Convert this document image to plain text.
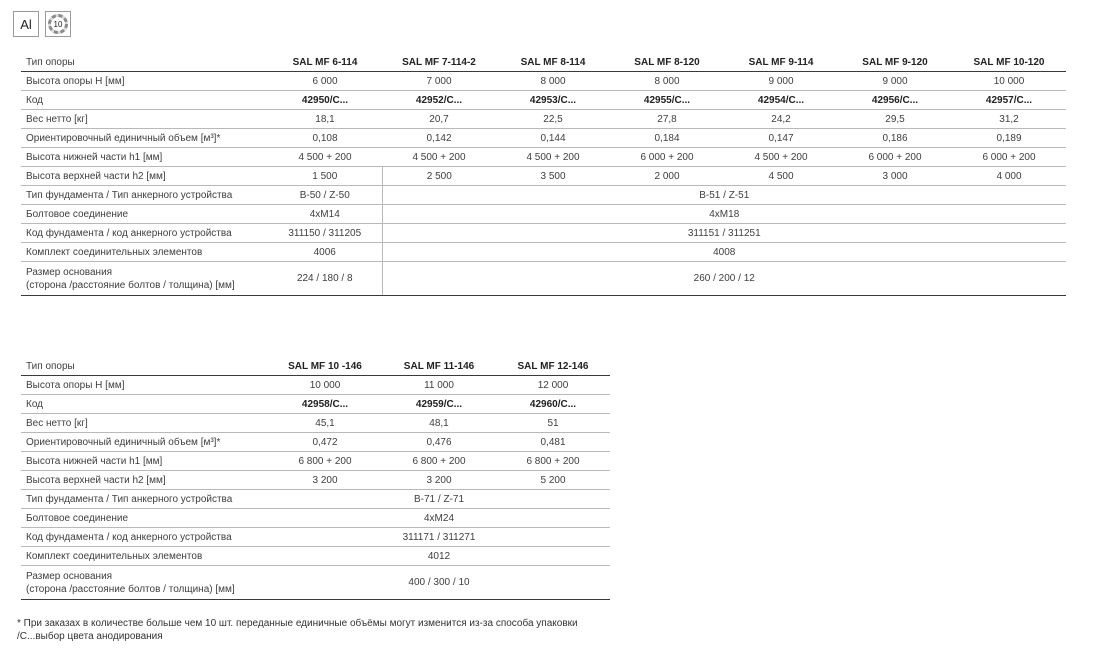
Al	10
Тип опоры	SAL MF 6-114	SAL MF 7-114-2	SAL MF 8-114	SAL MF 8-120	SAL MF 9-114	SAL MF 9-120	SAL MF 10-120
Высота опоры H [мм]	6 000	7 000	8 000	8 000	9 000	9 000	10 000
Код	42950/C...	42952/C...	42953/C...	42955/C...	42954/C...	42956/C...	42957/C...
Вес нетто [кг]	18,1	20,7	22,5	27,8	24,2	29,5	31,2
Ориентировочный единичный объем [м³]*	0,108	0,142	0,144	0,184	0,147	0,186	0,189
Высота нижней части h1 [мм]	4 500 + 200	4 500 + 200	4 500 + 200	6 000 + 200	4 500 + 200	6 000 + 200	6 000 + 200
Высота верхней части h2 [мм]	1 500	2 500	3 500	2 000	4 500	3 000	4 000
Тип фундамента / Тип анкерного устройства	B-50 / Z-50	B-51 / Z-51					
Болтовое соединение	4xM14	4xM18					
Код фундамента / код анкерного устройства	311150 / 311205	311151 / 311251					
Комплект соединительных элементов	4006	4008					

Размер основания
(сторона /расстояние болтов / толщина) [мм]	224 / 180 / 8	260 / 200 / 12					
Тип опоры	SAL MF 10 -146	SAL MF 11-146	SAL MF 12-146
Высота опоры H [мм]	10 000	11 000	12 000
Код	42958/C...	42959/C...	42960/C...
Вес нетто [кг]	45,1	48,1	51
Ориентировочный единичный объем [м³]*	0,472	0,476	0,481
Высота нижней части h1 [мм]	6 800 + 200	6 800 + 200	6 800 + 200
Высота верхней части h2 [мм]	3 200	3 200	5 200
Тип фундамента / Тип анкерного устройства	B-71 / Z-71		
Болтовое соединение	4xM24		
Код фундамента / код анкерного устройства	311171 / 311271		
Комплект соединительных элементов	4012		

Размер основания
(сторона /расстояние болтов / толщина) [мм]	400 / 300 / 10		
* При заказах в количестве больше чем 10 шт. переданные единичные объёмы могут изменится из-за способа упаковки
/C...выбор цвета анодирования
